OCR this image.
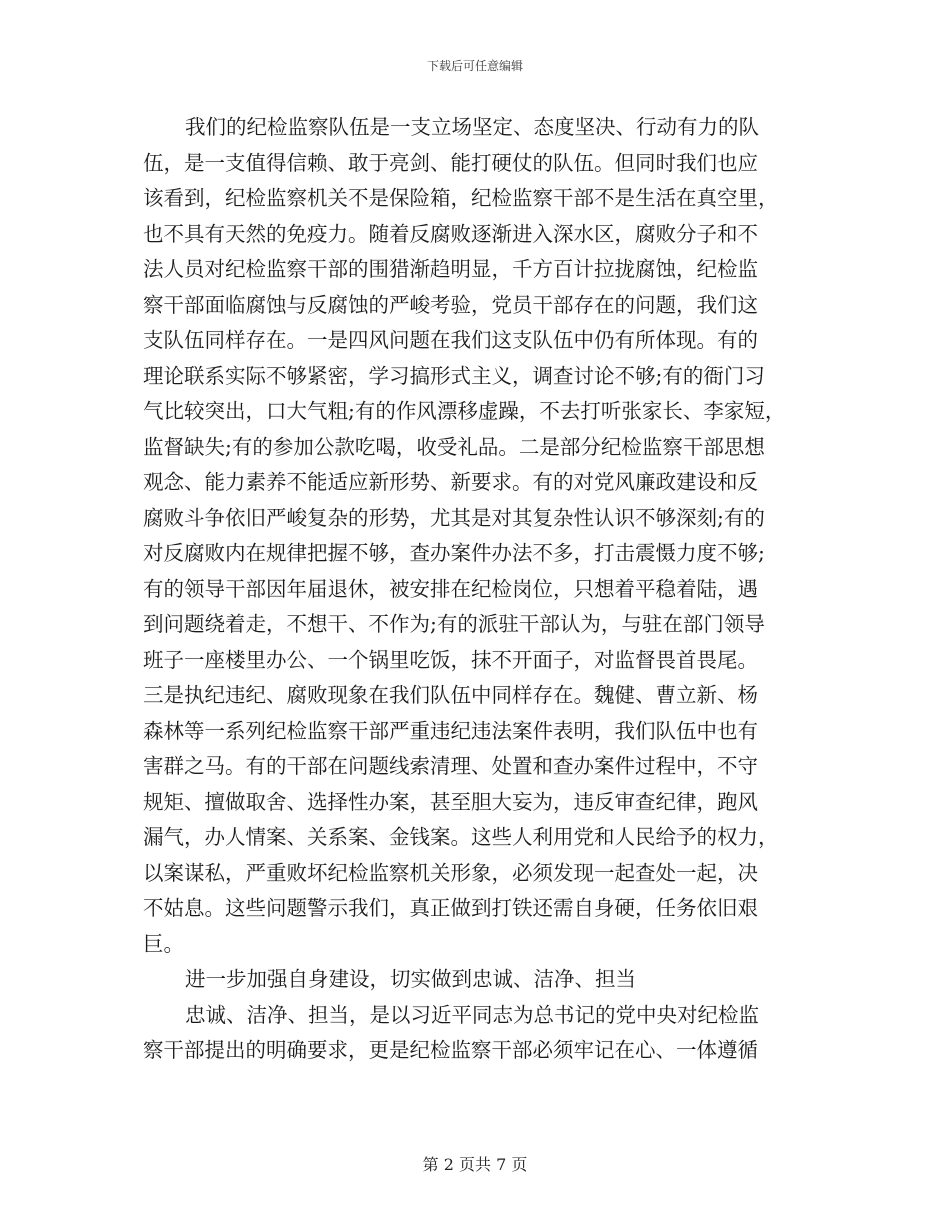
下载后可任意编辑
我们的纪检监察队伍是一支立场坚定、态度坚决、行动有力的队
伍，是一支值得信赖、敢于亮剑、能打硬仗的队伍。但同时我们也应
该看到，纪检监察机关不是保险箱，纪检监察干部不是生活在真空里，
也不具有天然的免疫力。随着反腐败逐渐进入深水区，腐败分子和不
法人员对纪检监察干部的围猎渐趋明显，千方百计拉拢腐蚀，纪检监
察干部面临腐蚀与反腐蚀的严峻考验，党员干部存在的问题，我们这
支队伍同样存在。一是四风问题在我们这支队伍中仍有所体现。有的
理论联系实际不够紧密，学习搞形式主义，调查讨论不够;有的衙门习
气比较突出，口大气粗;有的作风漂移虚躁，不去打听张家长、李家短，
监督缺失;有的参加公款吃喝，收受礼品。二是部分纪检监察干部思想
观念、能力素养不能适应新形势、新要求。有的对党风廉政建设和反
腐败斗争依旧严峻复杂的形势，尤其是对其复杂性认识不够深刻;有的
对反腐败内在规律把握不够，查办案件办法不多，打击震慑力度不够;
有的领导干部因年届退休，被安排在纪检岗位，只想着平稳着陆，遇
到问题绕着走，不想干、不作为;有的派驻干部认为，与驻在部门领导
班子一座楼里办公、一个锅里吃饭，抹不开面子，对监督畏首畏尾。
三是执纪违纪、腐败现象在我们队伍中同样存在。魏健、曹立新、杨
森林等一系列纪检监察干部严重违纪违法案件表明，我们队伍中也有
害群之马。有的干部在问题线索清理、处置和查办案件过程中，不守
规矩、擅做取舍、选择性办案，甚至胆大妄为，违反审查纪律，跑风
漏气，办人情案、关系案、金钱案。这些人利用党和人民给予的权力，
以案谋私，严重败坏纪检监察机关形象，必须发现一起查处一起，决
不姑息。这些问题警示我们，真正做到打铁还需自身硬，任务依旧艰
巨。
进一步加强自身建设，切实做到忠诚、洁净、担当
忠诚、洁净、担当，是以习近平同志为总书记的党中央对纪检监
察干部提出的明确要求，更是纪检监察干部必须牢记在心、一体遵循
第 2 页共 7 页
